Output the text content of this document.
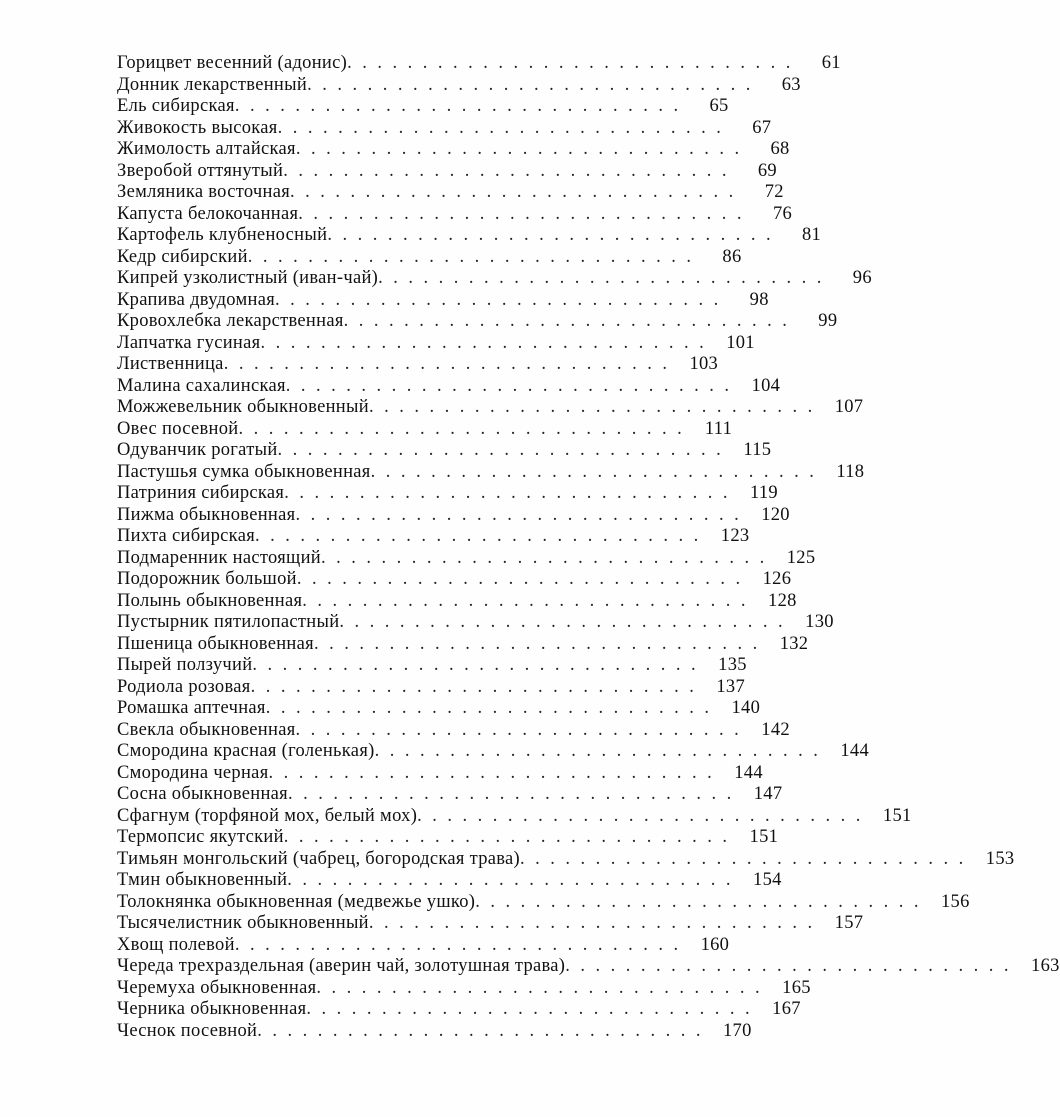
Горицвет весенний (адонис) ..............................	61
Донник лекарственный ..............................	63
Ель сибирская ..............................	65
Живокость высокая ..............................	67
Жимолость алтайская ..............................	68
Зверобой оттянутый ..............................	69
Земляника восточная ..............................	72
Капуста белокочанная ..............................	76
Картофель клубненосный ..............................	81
Кедр сибирский ..............................	86
Кипрей узколистный (иван-чай) ..............................	96
Крапива двудомная ..............................	98
Кровохлебка лекарственная ..............................	99
Лапчатка гусиная .............................. 101
Лиственница .............................. 103
Малина сахалинская .............................. 104
Можжевельник обыкновенный .............................. 107
Овес посевной .............................. 111
Одуванчик рогатый .............................. 115
Пастушья сумка обыкновенная .............................. 118
Патриния сибирская .............................. 119
Пижма обыкновенная .............................. 120
Пихта сибирская .............................. 123
Подмаренник настоящий .............................. 125
Подорожник большой .............................. 126
Полынь обыкновенная .............................. 128
Пустырник пятилопастный .............................. 130
Пшеница обыкновенная .............................. 132
Пырей ползучий .............................. 135
Родиола розовая .............................. 137
Ромашка аптечная .............................. 140
Свекла обыкновенная .............................. 142
Смородина красная (голенькая) .............................. 144
Смородина черная .............................. 144
Сосна обыкновенная .............................. 147
Сфагнум (торфяной мох, белый мох) .............................. 151
Термопсис якутский .............................. 151
Тимьян монгольский (чабрец, богородская трава) .............................. 153
Тмин обыкновенный .............................. 154
Толокнянка обыкновенная (медвежье ушко) .............................. 156
Тысячелистник обыкновенный .............................. 157
Хвощ полевой .............................. 160
Череда трехраздельная (аверин чай, золотушная трава) .............................. 163
Черемуха обыкновенная .............................. 165
Черника обыкновенная .............................. 167
Чеснок посевной .............................. 170
